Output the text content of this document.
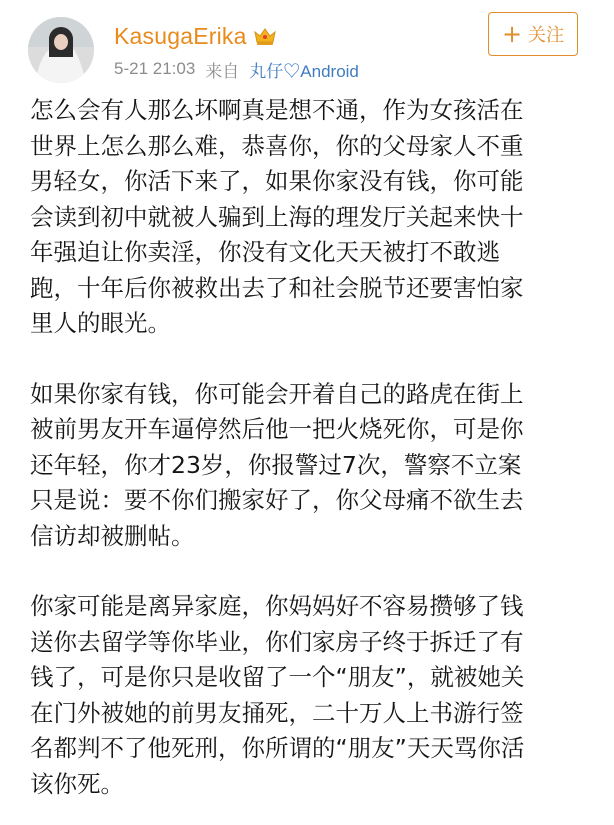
KasugaErika
5-21 21:03 来自 丸仔♡Android
+ 关注

怎么会有人那么坏啊真是想不通，作为女孩活在
世界上怎么那么难，恭喜你，你的父母家人不重
男轻女，你活下来了，如果你家没有钱，你可能
会读到初中就被人骗到上海的理发厅关起来快十
年强迫让你卖淫，你没有文化天天被打不敢逃
跑，十年后你被救出去了和社会脱节还要害怕家
里人的眼光。

如果你家有钱，你可能会开着自己的路虎在街上
被前男友开车逼停然后他一把火烧死你，可是你
还年轻，你才23岁，你报警过7次，警察不立案
只是说：要不你们搬家好了，你父母痛不欲生去
信访却被删帖。

你家可能是离异家庭，你妈妈好不容易攒够了钱
送你去留学等你毕业，你们家房子终于拆迁了有
钱了，可是你只是收留了一个“朋友”，就被她关
在门外被她的前男友捅死，二十万人上书游行签
名都判不了他死刑，你所谓的“朋友”天天骂你活
该你死。
